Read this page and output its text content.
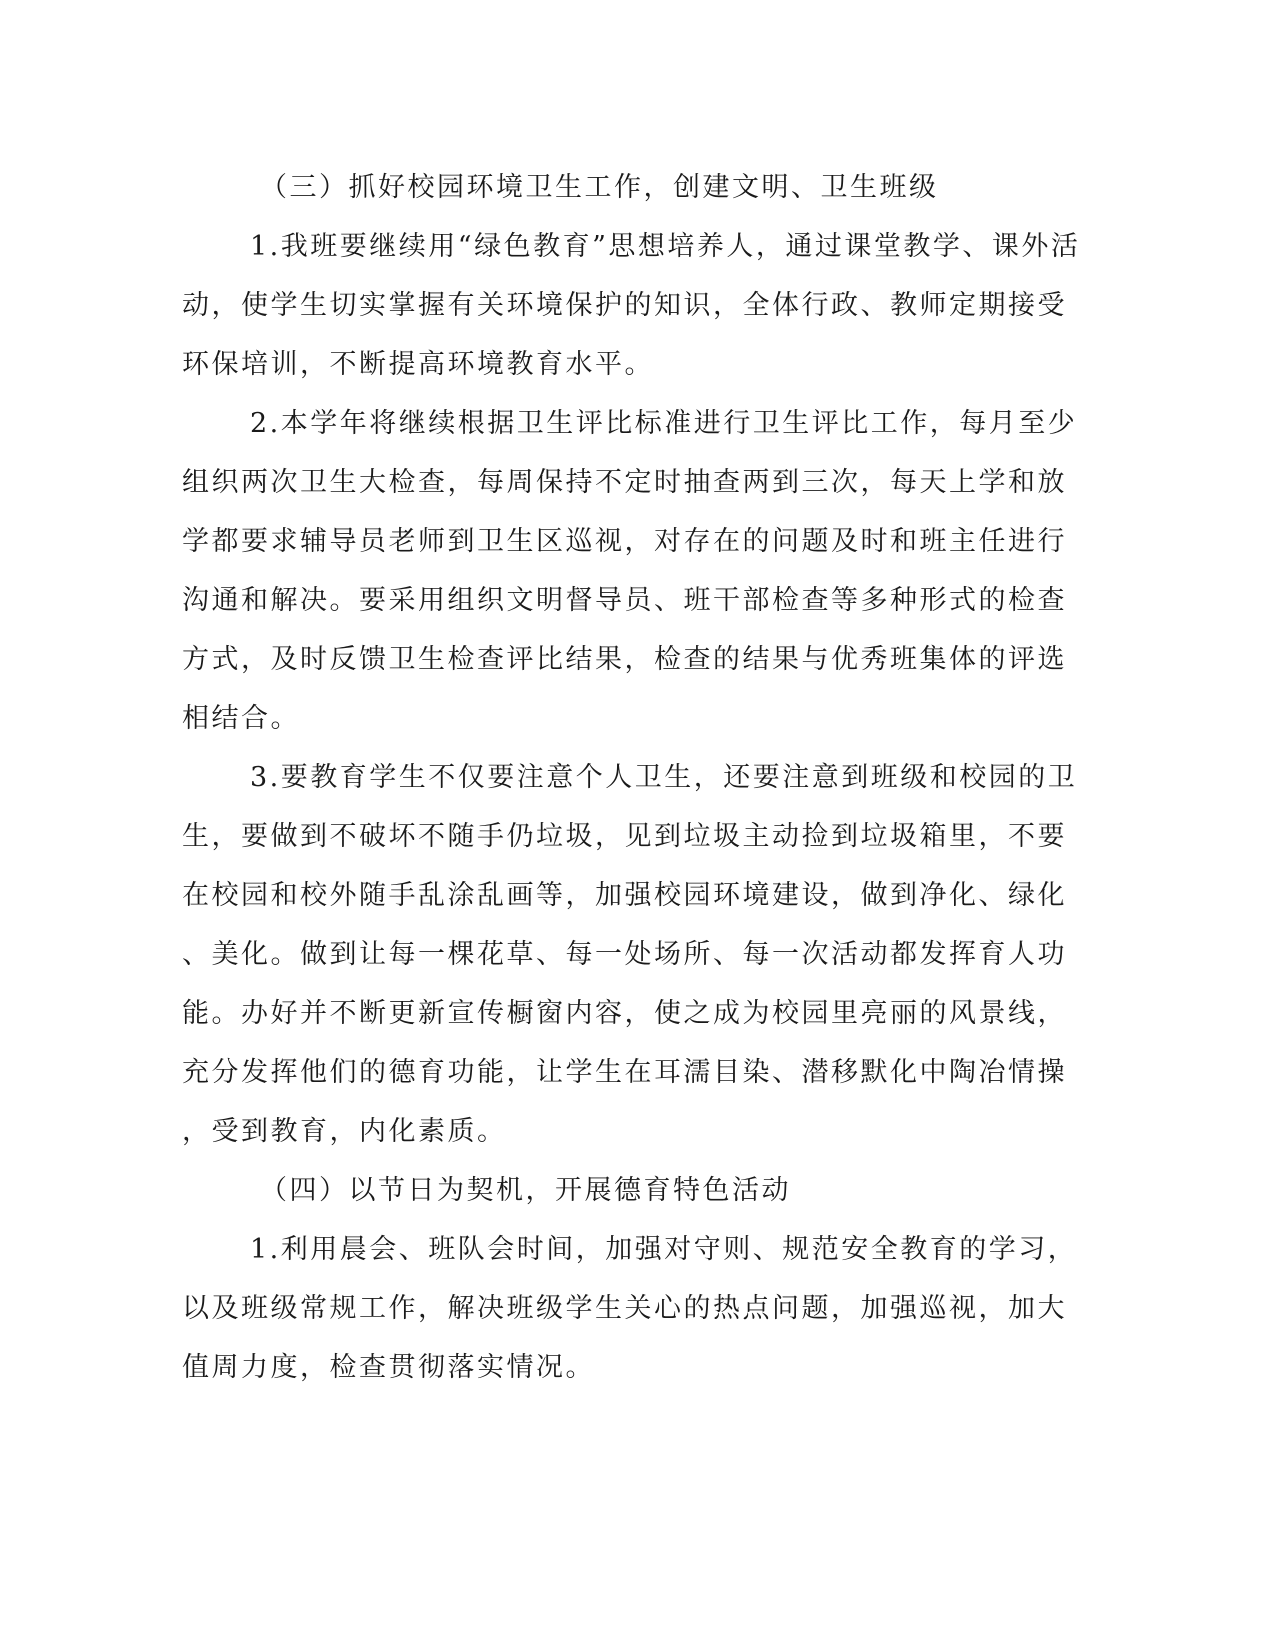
（三）抓好校园环境卫生工作，创建文明、卫生班级
1.我班要继续用“绿色教育”思想培养人，通过课堂教学、课外活
动，使学生切实掌握有关环境保护的知识，全体行政、教师定期接受
环保培训，不断提高环境教育水平。
2.本学年将继续根据卫生评比标准进行卫生评比工作，每月至少
组织两次卫生大检查，每周保持不定时抽查两到三次，每天上学和放
学都要求辅导员老师到卫生区巡视，对存在的问题及时和班主任进行
沟通和解决。要采用组织文明督导员、班干部检查等多种形式的检查
方式，及时反馈卫生检查评比结果，检查的结果与优秀班集体的评选
相结合。
3.要教育学生不仅要注意个人卫生，还要注意到班级和校园的卫
生，要做到不破坏不随手仍垃圾，见到垃圾主动捡到垃圾箱里，不要
在校园和校外随手乱涂乱画等，加强校园环境建设，做到净化、绿化
、美化。做到让每一棵花草、每一处场所、每一次活动都发挥育人功
能。办好并不断更新宣传橱窗内容，使之成为校园里亮丽的风景线，
充分发挥他们的德育功能，让学生在耳濡目染、潜移默化中陶冶情操
，受到教育，内化素质。
（四）以节日为契机，开展德育特色活动
1.利用晨会、班队会时间，加强对守则、规范安全教育的学习，
以及班级常规工作，解决班级学生关心的热点问题，加强巡视，加大
值周力度，检查贯彻落实情况。
